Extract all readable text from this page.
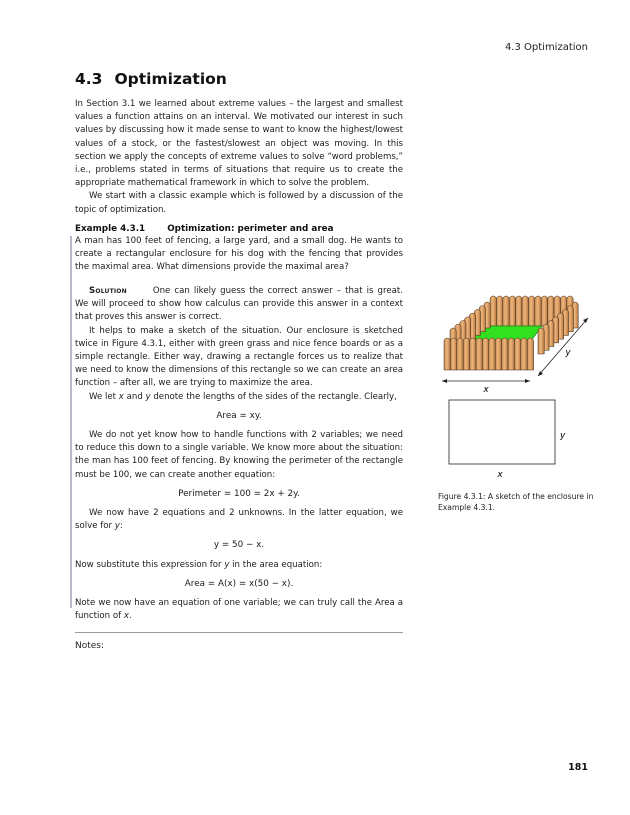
4.3 Optimization
4.3 Optimization

In Section 3.1 we learned about extreme values – the largest and smallest values a function attains on an interval. We motivated our interest in such values by discussing how it made sense to want to know the highest/lowest values of a stock, or the fastest/slowest an object was moving. In this section we apply the concepts of extreme values to solve “word problems,” i.e., problems stated in terms of situations that require us to create the appropriate mathematical framework in which to solve the problem.

We start with a classic example which is followed by a discussion of the topic of optimization.

Example 4.3.1	Optimization: perimeter and area

A man has 100 feet of fencing, a large yard, and a small dog. He wants to create a rectangular enclosure for his dog with the fencing that provides the maximal area. What dimensions provide the maximal area?

Solution	One can likely guess the correct answer – that is great. We will proceed to show how calculus can provide this answer in a context that proves this answer is correct.

It helps to make a sketch of the situation. Our enclosure is sketched twice in Figure 4.3.1, either with green grass and nice fence boards or as a simple rectangle. Either way, drawing a rectangle forces us to realize that we need to know the dimensions of this rectangle so we can create an area function – after all, we are trying to maximize the area.

We let x and y denote the lengths of the sides of the rectangle. Clearly,

Area = xy.

We do not yet know how to handle functions with 2 variables; we need to reduce this down to a single variable. We know more about the situation: the man has 100 feet of fencing. By knowing the perimeter of the rectangle must be 100, we can create another equation:

Perimeter = 100 = 2x + 2y.

We now have 2 equations and 2 unknowns. In the latter equation, we solve for y:

y = 50 − x.

Now substitute this expression for y in the area equation:

Area = A(x) = x(50 − x).

Note we now have an equation of one variable; we can truly call the Area a function of x.

Notes:
x
y
y
x
Figure 4.3.1: A sketch of the enclosure in Example 4.3.1.
181
